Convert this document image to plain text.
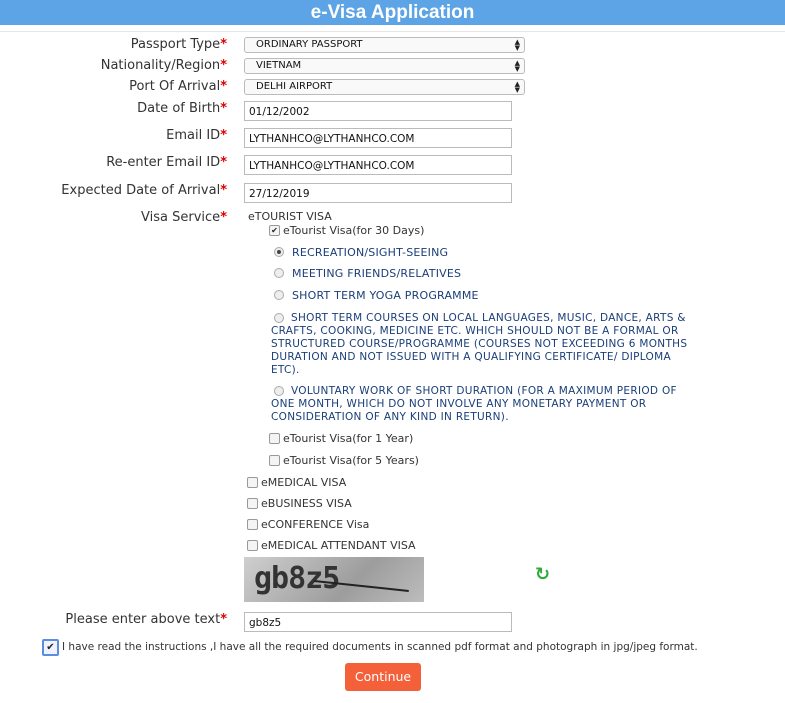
e-Visa Application
Passport Type*	ORDINARY PASSPORT	▲
▼
Nationality/Region*	VIETNAM	▲
▼
Port Of Arrival*	DELHI AIRPORT	▲
▼
Date of Birth*	01/12/2002
Email ID*	LYTHANHCO@LYTHANHCO.COM
Re-enter Email ID*	LYTHANHCO@LYTHANHCO.COM
Expected Date of Arrival*	27/12/2019
Visa Service* eTOURIST VISA
✔ eTourist Visa(for 30 Days)
RECREATION/SIGHT-SEEING
MEETING FRIENDS/RELATIVES
SHORT TERM YOGA PROGRAMME
SHORT TERM COURSES ON LOCAL LANGUAGES, MUSIC, DANCE, ARTS & CRAFTS, COOKING, MEDICINE ETC. WHICH SHOULD NOT BE A FORMAL OR STRUCTURED COURSE/PROGRAMME (COURSES NOT EXCEEDING 6 MONTHS DURATION AND NOT ISSUED WITH A QUALIFYING CERTIFICATE/ DIPLOMA ETC).
VOLUNTARY WORK OF SHORT DURATION (FOR A MAXIMUM PERIOD OF ONE MONTH, WHICH DO NOT INVOLVE ANY MONETARY PAYMENT OR CONSIDERATION OF ANY KIND IN RETURN).
eTourist Visa(for 1 Year)
eTourist Visa(for 5 Years)
eMEDICAL VISA
eBUSINESS VISA
eCONFERENCE Visa
eMEDICAL ATTENDANT VISA
gb8z5	↻
Please enter above text*	gb8z5
✔ I have read the instructions ,I have all the required documents in scanned pdf format and photograph in jpg/jpeg format.
Continue
